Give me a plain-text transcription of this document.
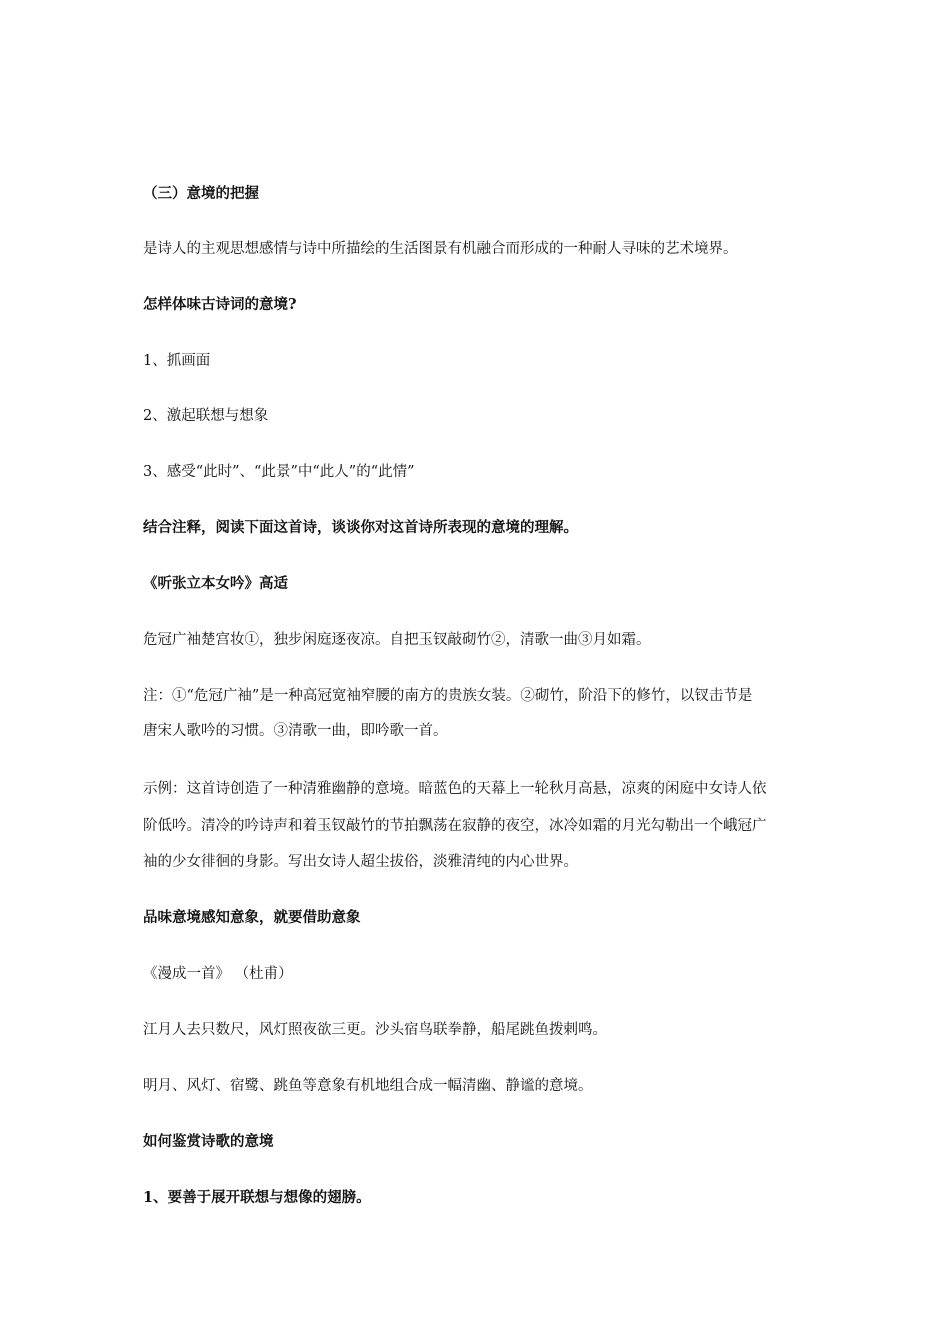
（三）意境的把握
是诗人的主观思想感情与诗中所描绘的生活图景有机融合而形成的一种耐人寻味的艺术境界。
怎样体味古诗词的意境?
1、抓画面
2、激起联想与想象
3、感受“此时”、“此景”中“此人”的“此情”
结合注释，阅读下面这首诗，谈谈你对这首诗所表现的意境的理解。
《听张立本女吟》高适
危冠广袖楚宫妆①，独步闲庭逐夜凉。自把玉钗敲砌竹②，清歌一曲③月如霜。
注：①“危冠广袖”是一种高冠宽袖窄腰的南方的贵族女装。②砌竹，阶沿下的修竹，以钗击节是
唐宋人歌吟的习惯。③清歌一曲，即吟歌一首。
示例：这首诗创造了一种清雅幽静的意境。暗蓝色的天幕上一轮秋月高悬，凉爽的闲庭中女诗人依
阶低吟。清冷的吟诗声和着玉钗敲竹的节拍飘荡在寂静的夜空，冰冷如霜的月光勾勒出一个峨冠广
袖的少女徘徊的身影。写出女诗人超尘拔俗，淡雅清纯的内心世界。
品味意境感知意象，就要借助意象
《漫成一首》 （杜甫）
江月人去只数尺，风灯照夜欲三更。沙头宿鸟联拳静，船尾跳鱼拨剌鸣。
明月、风灯、宿鹭、跳鱼等意象有机地组合成一幅清幽、静谧的意境。
如何鉴赏诗歌的意境
1、要善于展开联想与想像的翅膀。
